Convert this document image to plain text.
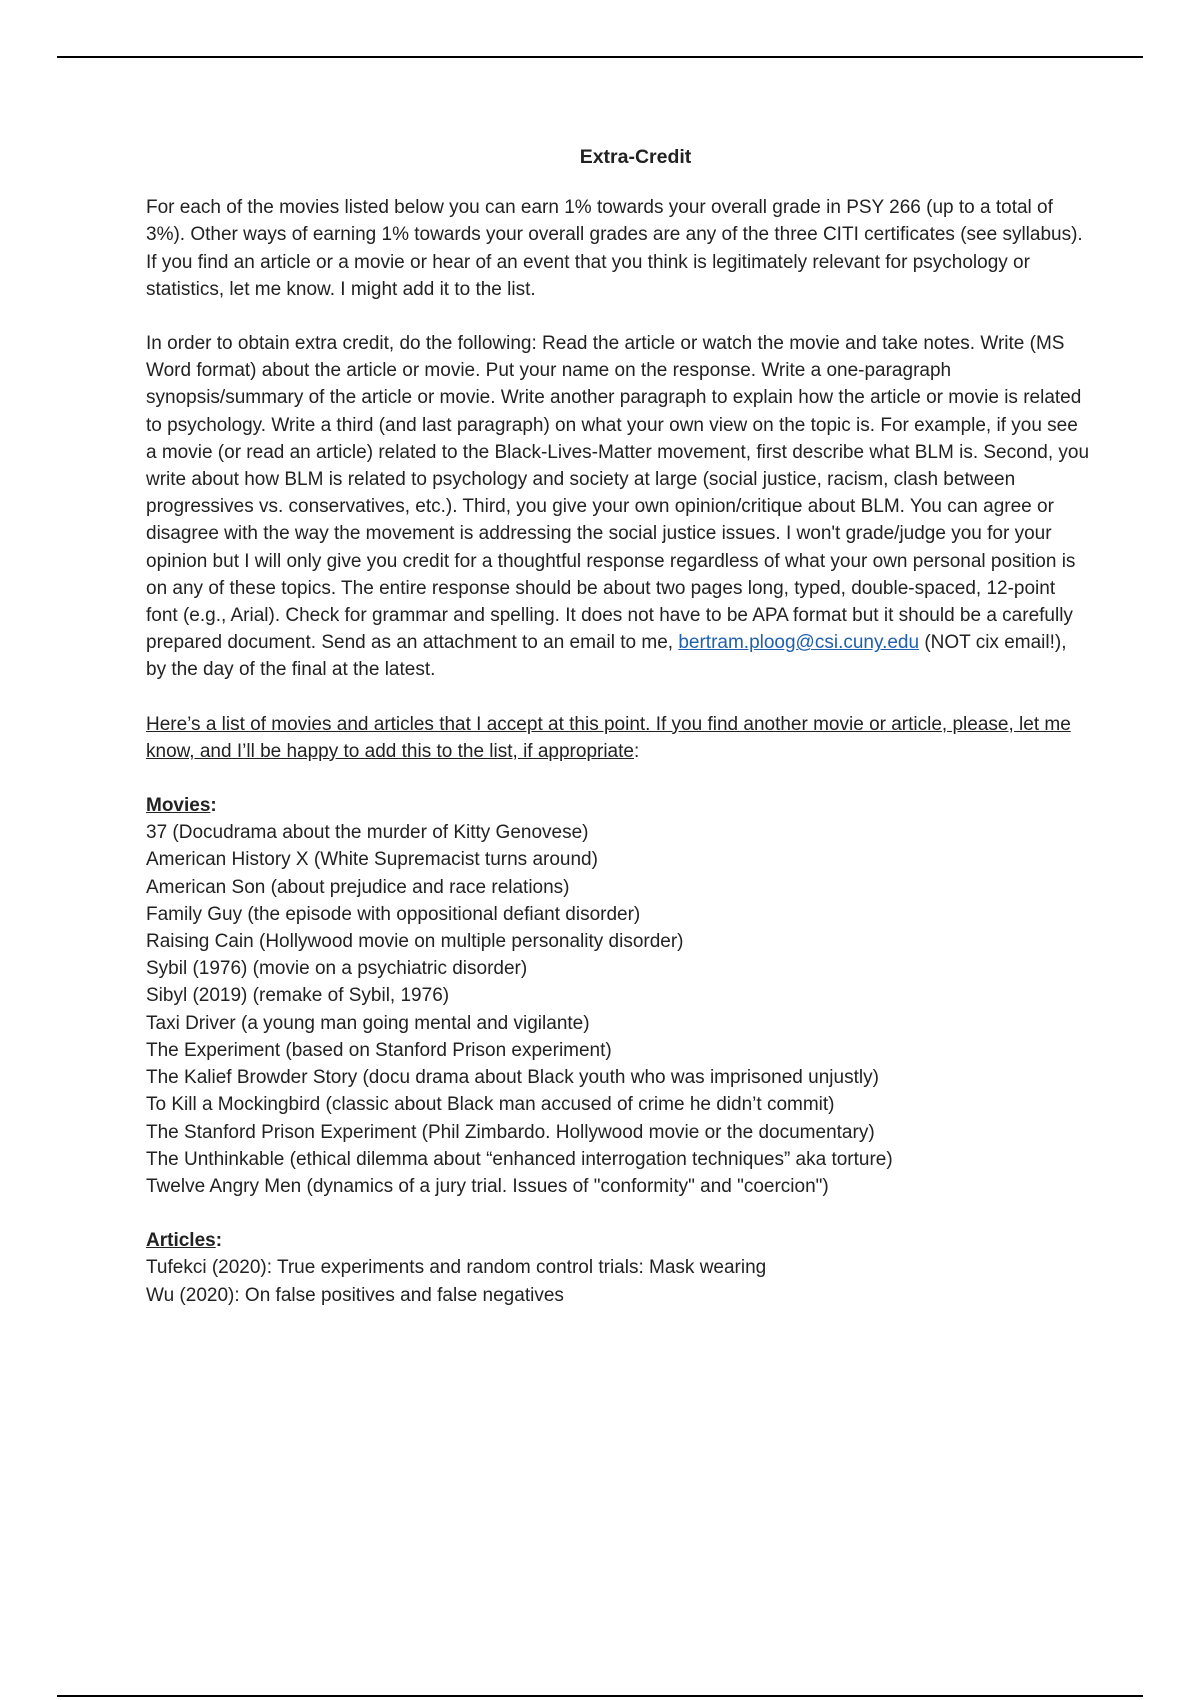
Extra-Credit

For each of the movies listed below you can earn 1% towards your overall grade in PSY 266 (up to a total of 3%). Other ways of earning 1% towards your overall grades are any of the three CITI certificates (see syllabus). If you find an article or a movie or hear of an event that you think is legitimately relevant for psychology or statistics, let me know. I might add it to the list.

In order to obtain extra credit, do the following: Read the article or watch the movie and take notes. Write (MS Word format) about the article or movie. Put your name on the response. Write a one-paragraph synopsis/summary of the article or movie. Write another paragraph to explain how the article or movie is related to psychology. Write a third (and last paragraph) on what your own view on the topic is. For example, if you see a movie (or read an article) related to the Black-Lives-Matter movement, first describe what BLM is. Second, you write about how BLM is related to psychology and society at large (social justice, racism, clash between progressives vs. conservatives, etc.). Third, you give your own opinion/critique about BLM. You can agree or disagree with the way the movement is addressing the social justice issues. I won't grade/judge you for your opinion but I will only give you credit for a thoughtful response regardless of what your own personal position is on any of these topics. The entire response should be about two pages long, typed, double-spaced, 12-point font (e.g., Arial). Check for grammar and spelling. It does not have to be APA format but it should be a carefully prepared document. Send as an attachment to an email to me, bertram.ploog@csi.cuny.edu (NOT cix email!), by the day of the final at the latest.

Here’s a list of movies and articles that I accept at this point. If you find another movie or article, please, let me know, and I’ll be happy to add this to the list, if appropriate:

Movies:
37 (Docudrama about the murder of Kitty Genovese)
American History X (White Supremacist turns around)
American Son (about prejudice and race relations)
Family Guy (the episode with oppositional defiant disorder)
Raising Cain (Hollywood movie on multiple personality disorder)
Sybil (1976) (movie on a psychiatric disorder)
Sibyl (2019) (remake of Sybil, 1976)
Taxi Driver (a young man going mental and vigilante)
The Experiment (based on Stanford Prison experiment)
The Kalief Browder Story (docu drama about Black youth who was imprisoned unjustly)
To Kill a Mockingbird (classic about Black man accused of crime he didn’t commit)
The Stanford Prison Experiment (Phil Zimbardo. Hollywood movie or the documentary)
The Unthinkable (ethical dilemma about “enhanced interrogation techniques” aka torture)
Twelve Angry Men (dynamics of a jury trial. Issues of "conformity" and "coercion")
Articles:
Tufekci (2020): True experiments and random control trials: Mask wearing
Wu (2020): On false positives and false negatives
